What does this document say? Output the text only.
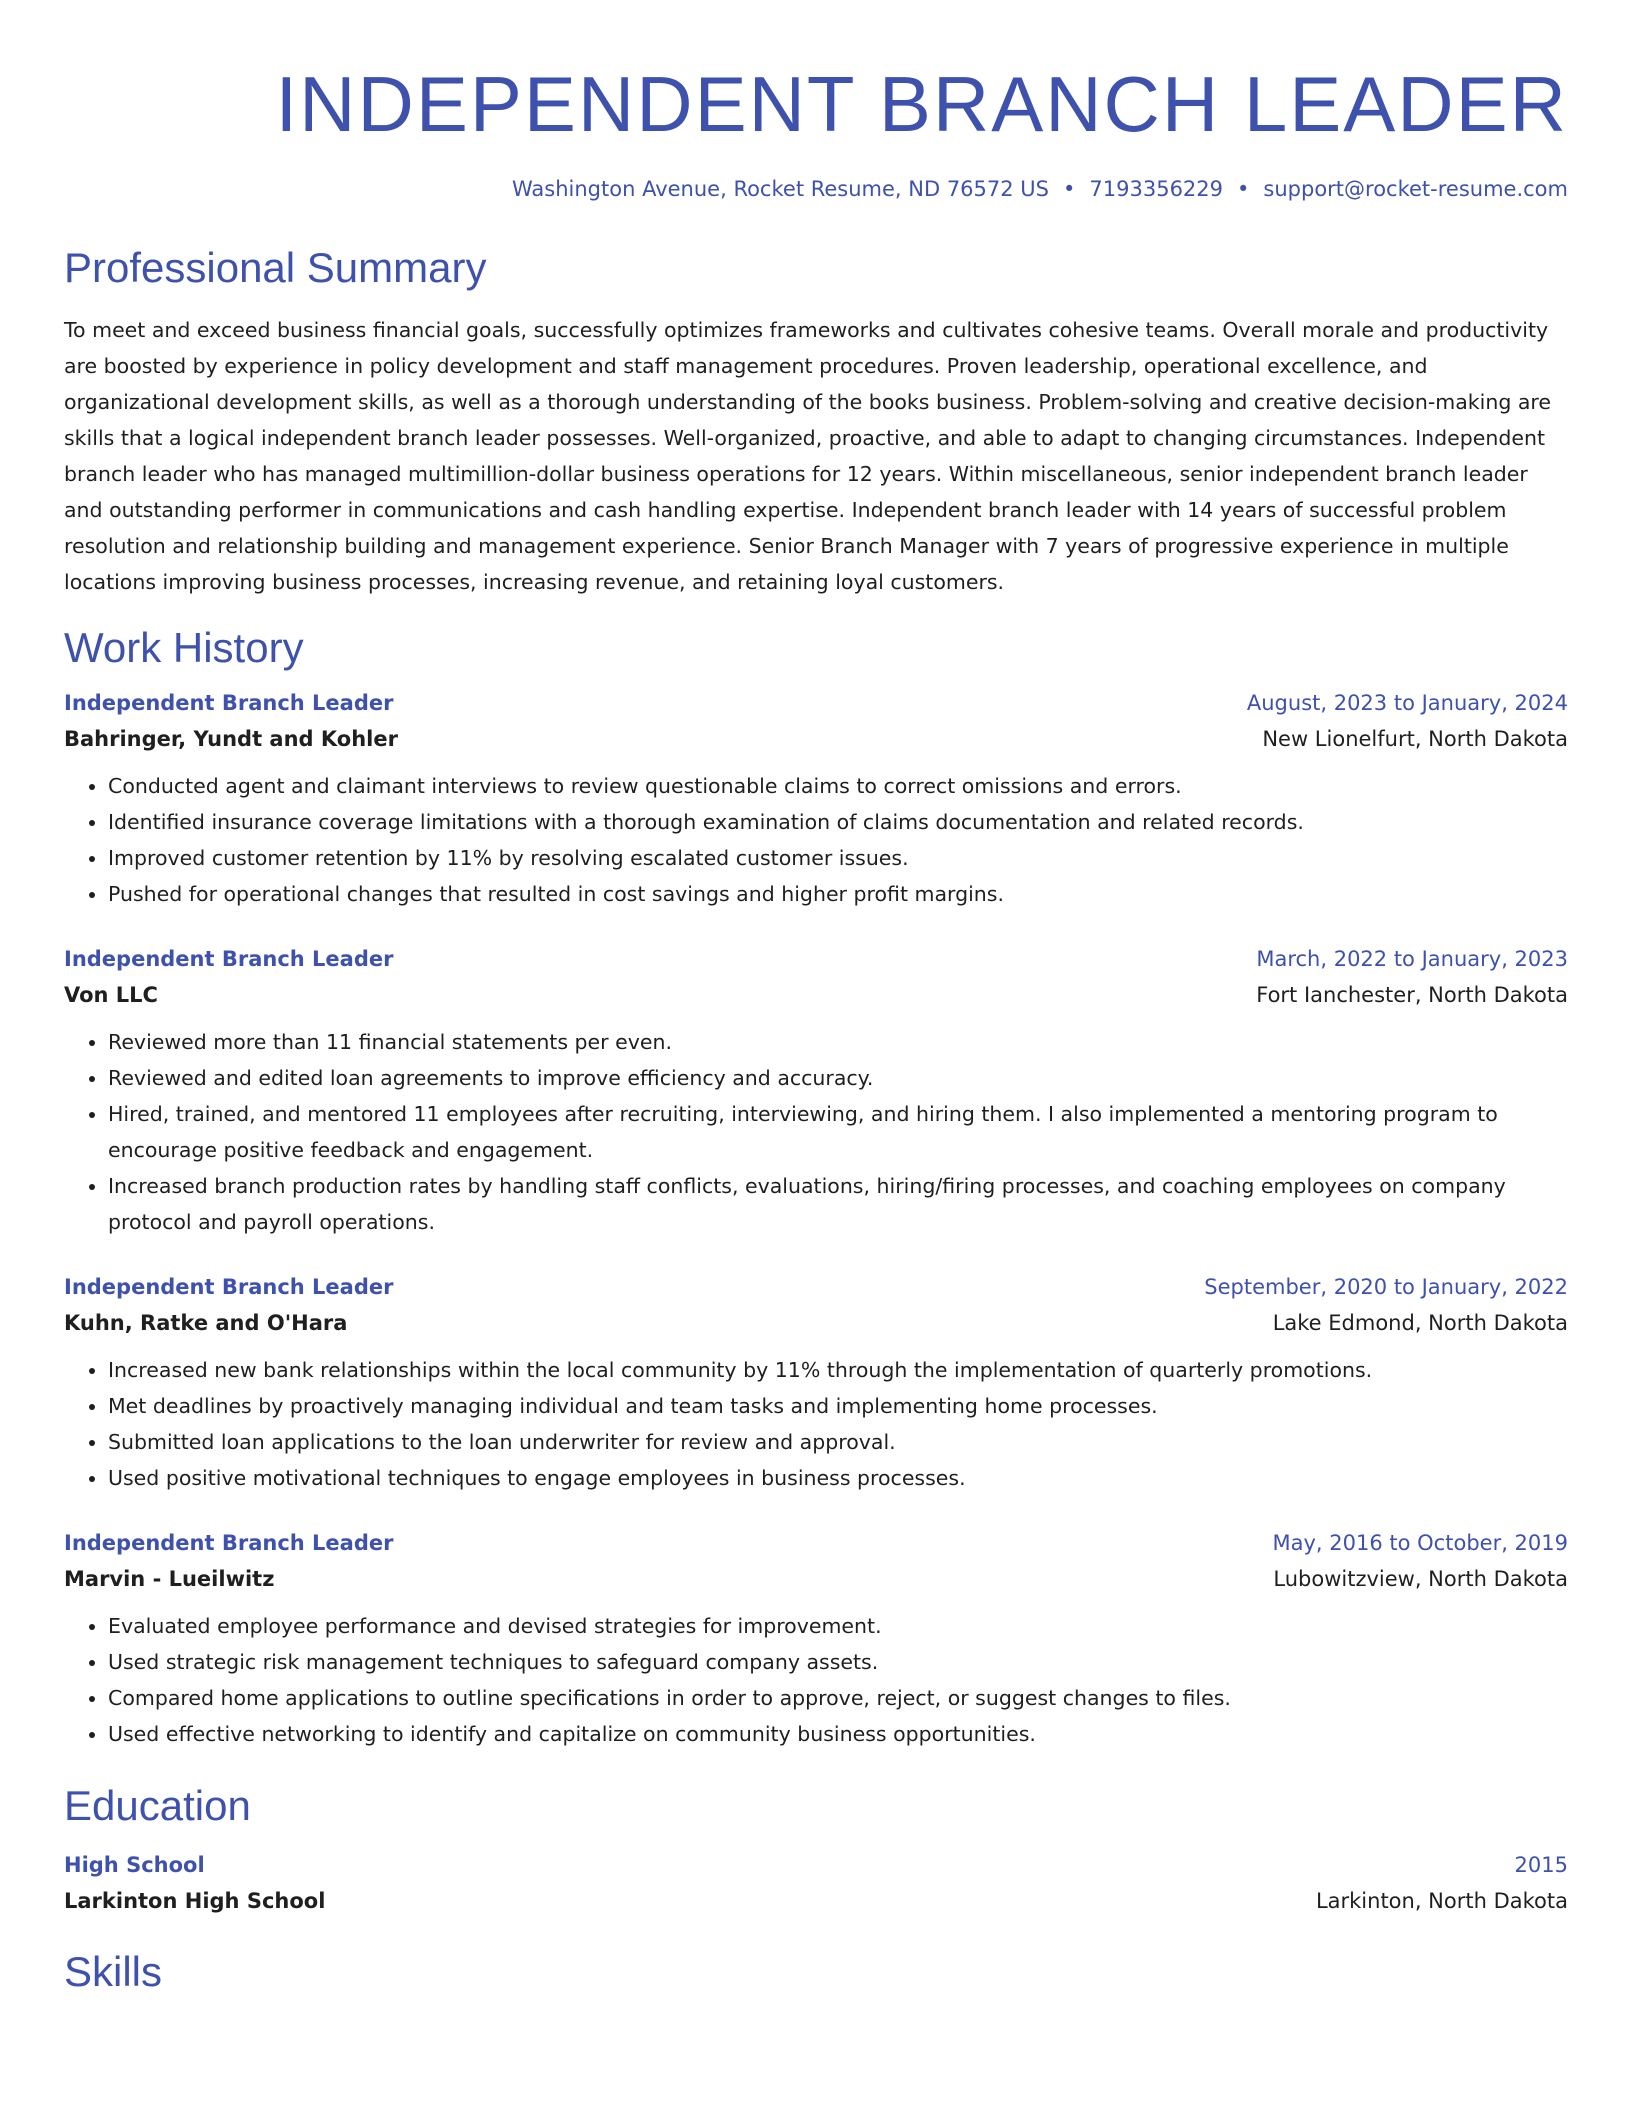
INDEPENDENT BRANCH LEADER
Washington Avenue, Rocket Resume, ND 76572 US • 7193356229 • support@rocket-resume.com
Professional Summary

To meet and exceed business financial goals, successfully optimizes frameworks and cultivates cohesive teams. Overall morale and productivity are boosted by experience in policy development and staff management procedures. Proven leadership, operational excellence, and organizational development skills, as well as a thorough understanding of the books business. Problem-solving and creative decision-making are skills that a logical independent branch leader possesses. Well-organized, proactive, and able to adapt to changing circumstances. Independent branch leader who has managed multimillion-dollar business operations for 12 years. Within miscellaneous, senior independent branch leader and outstanding performer in communications and cash handling expertise. Independent branch leader with 14 years of successful problem resolution and relationship building and management experience. Senior Branch Manager with 7 years of progressive experience in multiple locations improving business processes, increasing revenue, and retaining loyal customers.

Work History
Independent Branch Leader	August, 2023 to January, 2024
Bahringer, Yundt and Kohler	New Lionelfurt, North Dakota
• Conducted agent and claimant interviews to review questionable claims to correct omissions and errors.
• Identified insurance coverage limitations with a thorough examination of claims documentation and related records.
• Improved customer retention by 11% by resolving escalated customer issues.
• Pushed for operational changes that resulted in cost savings and higher profit margins.
Independent Branch Leader	March, 2022 to January, 2023
Von LLC	Fort Ianchester, North Dakota
• Reviewed more than 11 financial statements per even.
• Reviewed and edited loan agreements to improve efficiency and accuracy.
• Hired, trained, and mentored 11 employees after recruiting, interviewing, and hiring them. I also implemented a mentoring program to encourage positive feedback and engagement.
• Increased branch production rates by handling staff conflicts, evaluations, hiring/firing processes, and coaching employees on company protocol and payroll operations.
Independent Branch Leader	September, 2020 to January, 2022
Kuhn, Ratke and O'Hara	Lake Edmond, North Dakota
• Increased new bank relationships within the local community by 11% through the implementation of quarterly promotions.
• Met deadlines by proactively managing individual and team tasks and implementing home processes.
• Submitted loan applications to the loan underwriter for review and approval.
• Used positive motivational techniques to engage employees in business processes.
Independent Branch Leader	May, 2016 to October, 2019
Marvin - Lueilwitz	Lubowitzview, North Dakota
• Evaluated employee performance and devised strategies for improvement.
• Used strategic risk management techniques to safeguard company assets.
• Compared home applications to outline specifications in order to approve, reject, or suggest changes to files.
• Used effective networking to identify and capitalize on community business opportunities.
Education
High School	2015
Larkinton High School	Larkinton, North Dakota
Skills
